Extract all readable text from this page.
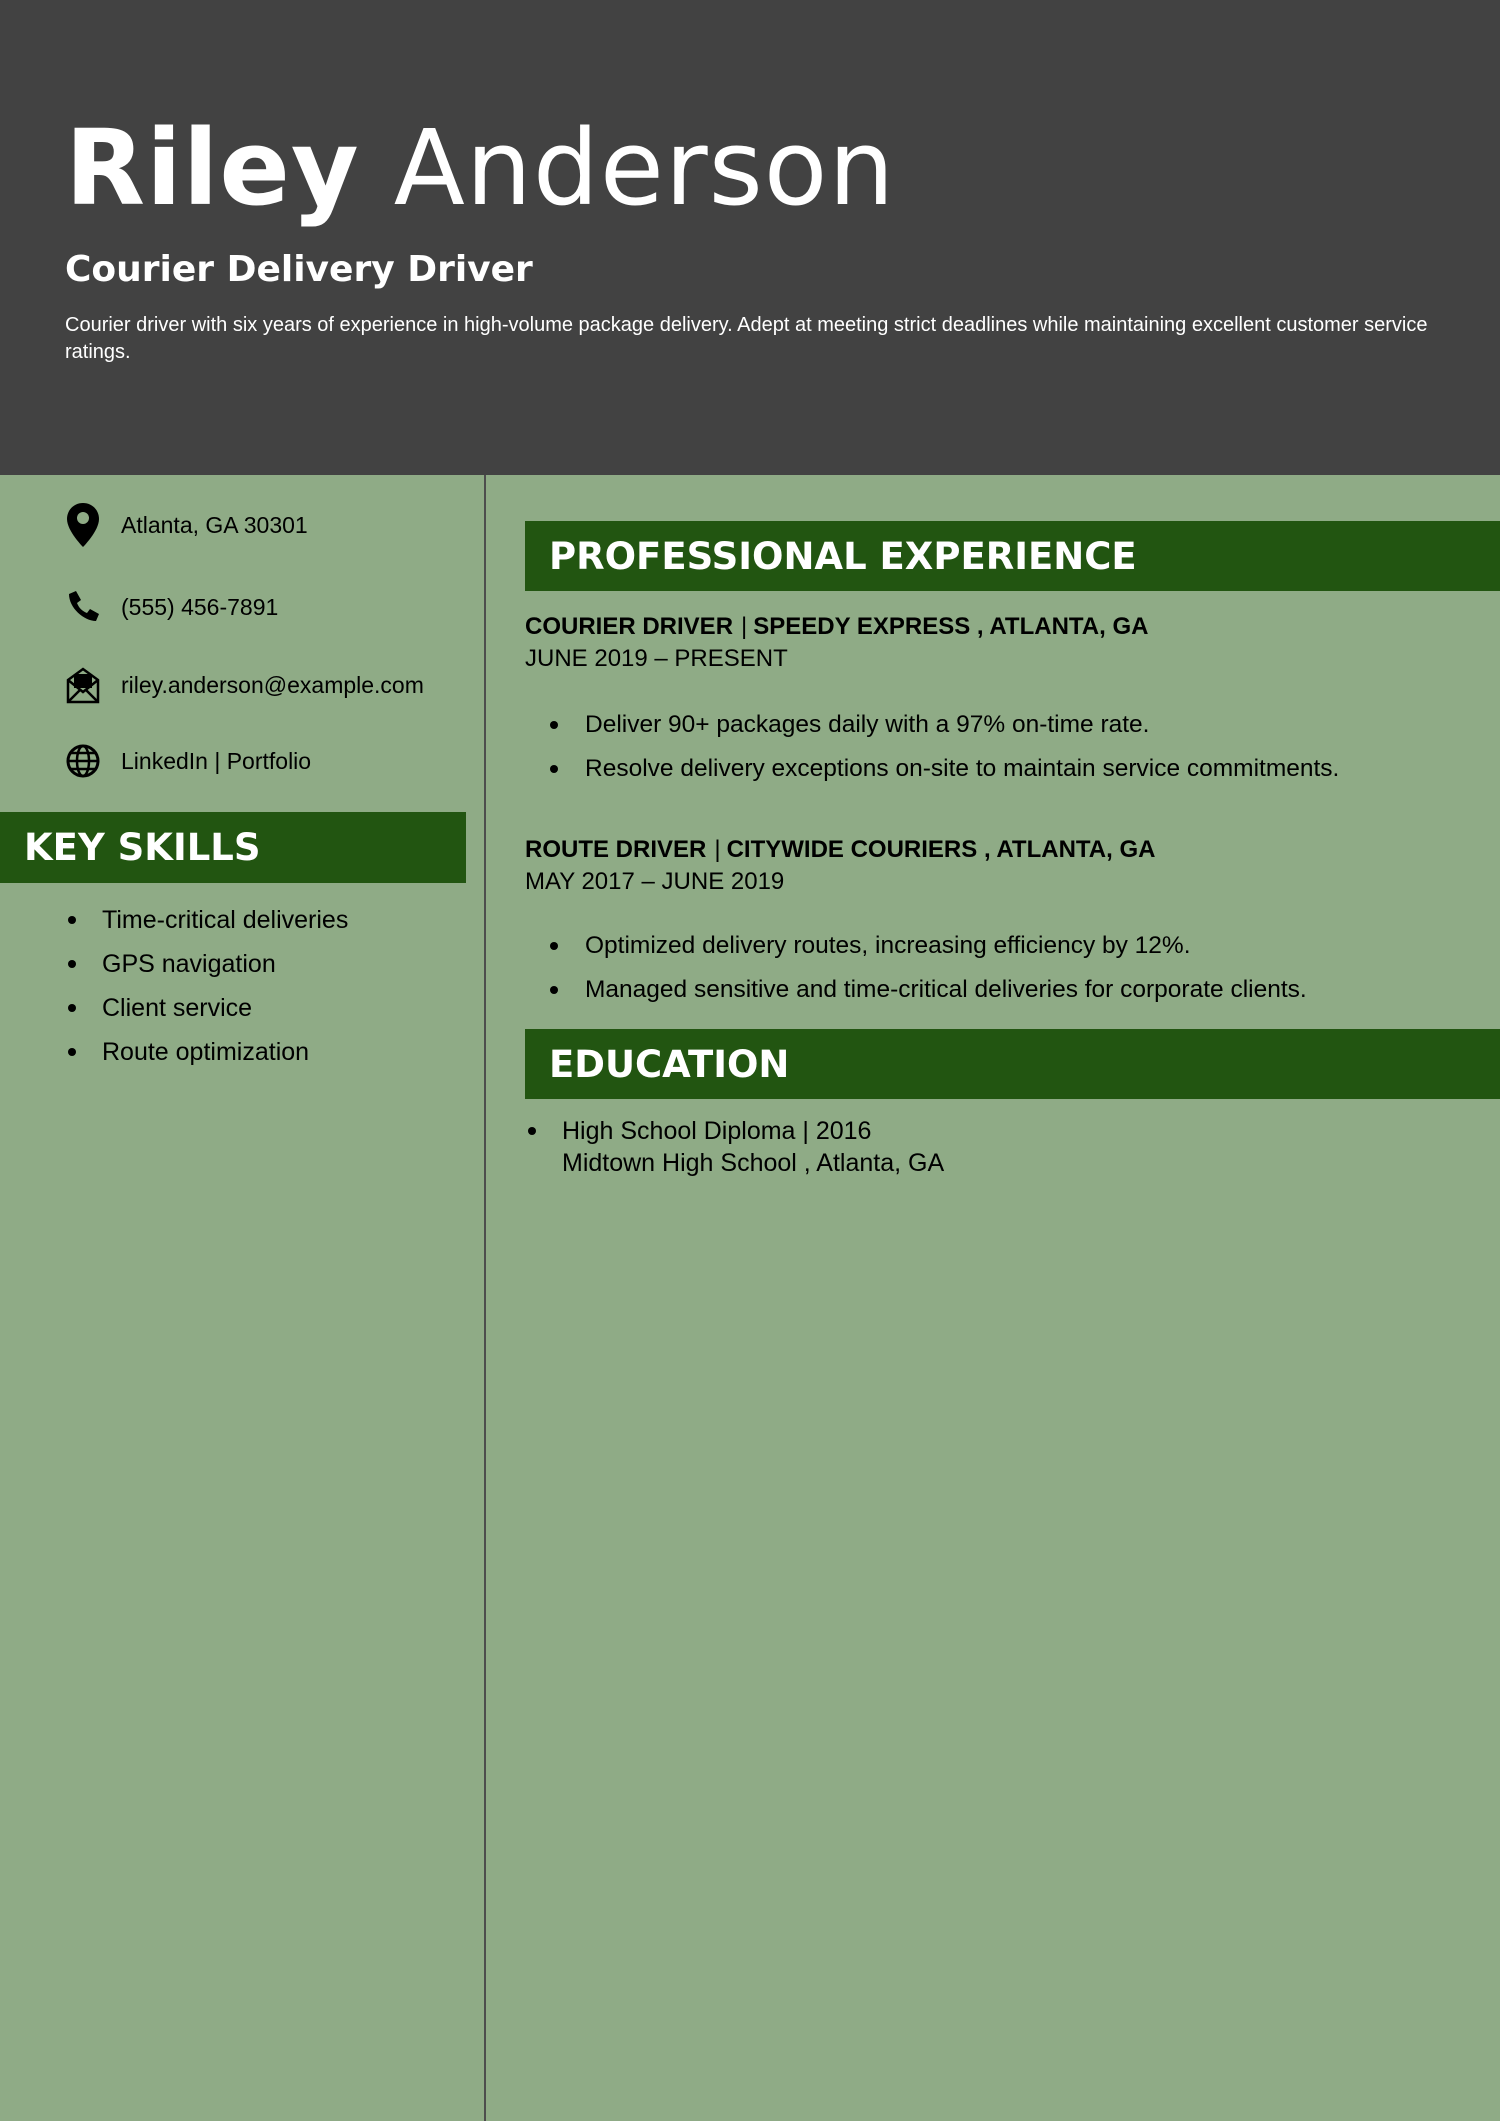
Riley Anderson
Courier Delivery Driver
Courier driver with six years of experience in high-volume package delivery. Adept at meeting strict deadlines while maintaining excellent customer service ratings.
Atlanta, GA 30301
(555) 456-7891
riley.anderson@example.com
LinkedIn | Portfolio
KEY SKILLS
Time-critical deliveries
GPS navigation
Client service
Route optimization
PROFESSIONAL EXPERIENCE
COURIER DRIVER | SPEEDY EXPRESS , ATLANTA, GA
JUNE 2019 – PRESENT
Deliver 90+ packages daily with a 97% on-time rate.
Resolve delivery exceptions on-site to maintain service commitments.
ROUTE DRIVER | CITYWIDE COURIERS , ATLANTA, GA
MAY 2017 – JUNE 2019
Optimized delivery routes, increasing efficiency by 12%.
Managed sensitive and time-critical deliveries for corporate clients.
EDUCATION
High School Diploma | 2016
Midtown High School , Atlanta, GA
